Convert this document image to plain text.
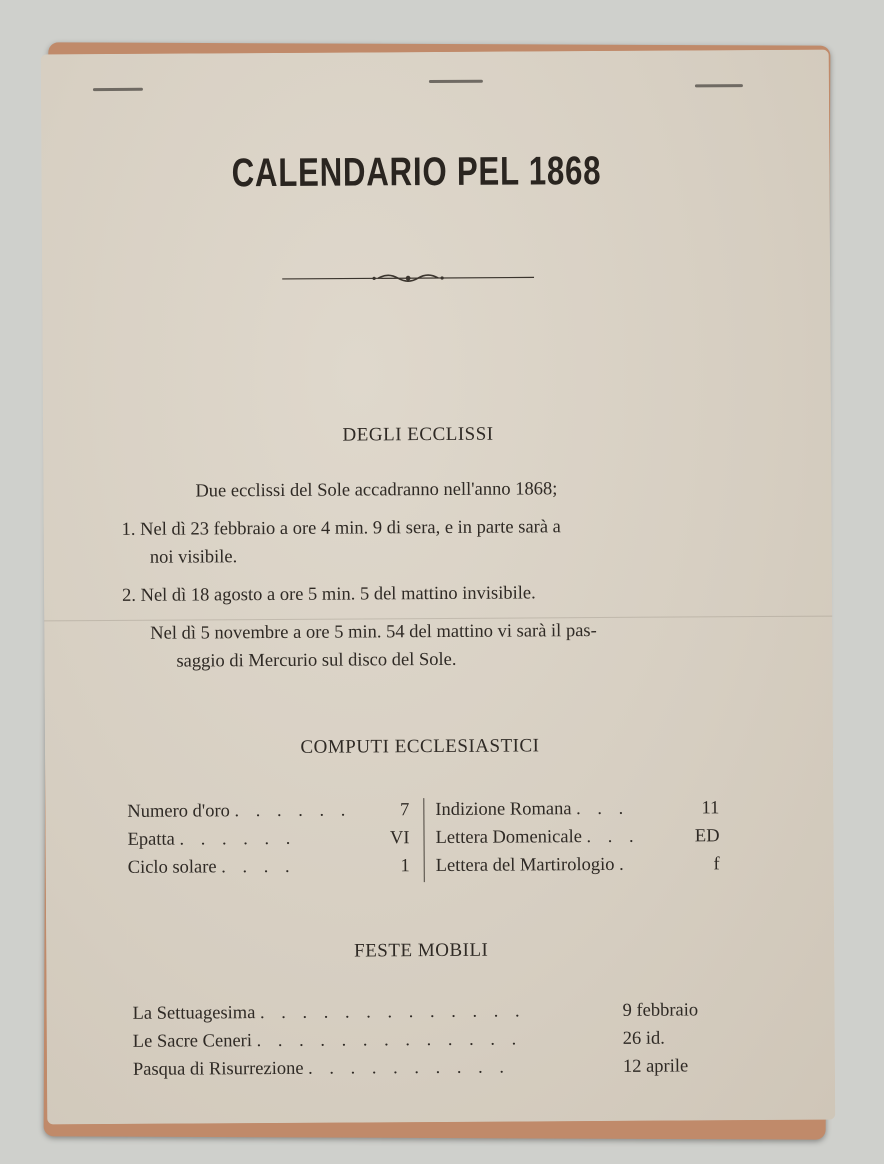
CALENDARIO PEL 1868
DEGLI ECCLISSI
Due ecclissi del Sole accadranno nell'anno 1868;
1. Nel dì 23 febbraio a ore 4 min. 9 di sera, e in parte sarà a
noi visibile.
2. Nel dì 18 agosto a ore 5 min. 5 del mattino invisibile.
Nel dì 5 novembre a ore 5 min. 54 del mattino vi sarà il pas-
saggio di Mercurio sul disco del Sole.
COMPUTI ECCLESIASTICI
Numero d'oro . . . . . .	7
Epatta . . . . . .	VI
Ciclo solare . . . .	1
Indizione Romana . . .	11
Lettera Domenicale . . .	ED
Lettera del Martirologio .	f
FESTE MOBILI
La Settuagesima . . . . . . . . . . . . .	9 febbraio
Le Sacre Ceneri . . . . . . . . . . . . .	26 id.
Pasqua di Risurrezione . . . . . . . . . .	12 aprile
